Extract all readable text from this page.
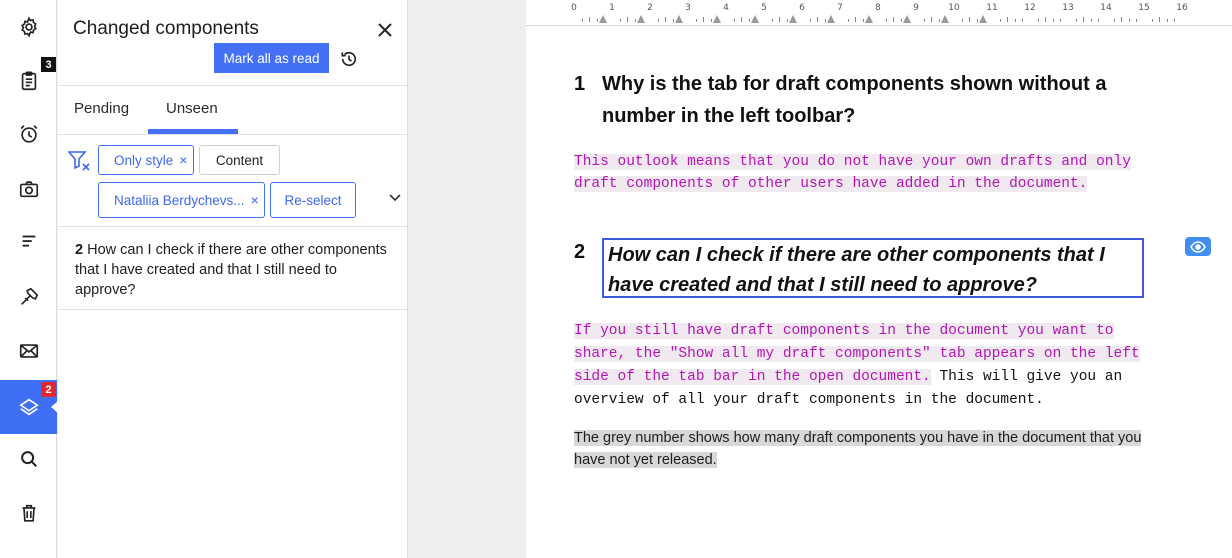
3
2
Changed components
Mark all as read
Pending Unseen
Only style ×	Content
Nataliia Berdychevs... ×	Re-select
2 How can I check if there are other components that I have created and that I still need to approve?
0	1	2	3	4	5	6	7	8	9	10	11	12	13	14	15	16
1 Why is the tab for draft components shown without a number in the left toolbar?
This outlook means that you do not have your own drafts and only draft components of other users have added in the document.
2	How can I check if there are other components that I have created and that I still need to approve?
If you still have draft components in the document you want to share, the "Show all my draft components" tab appears on the left side of the tab bar in the open document. This will give you an overview of all your draft components in the document.
The grey number shows how many draft components you have in the document that you have not yet released.
